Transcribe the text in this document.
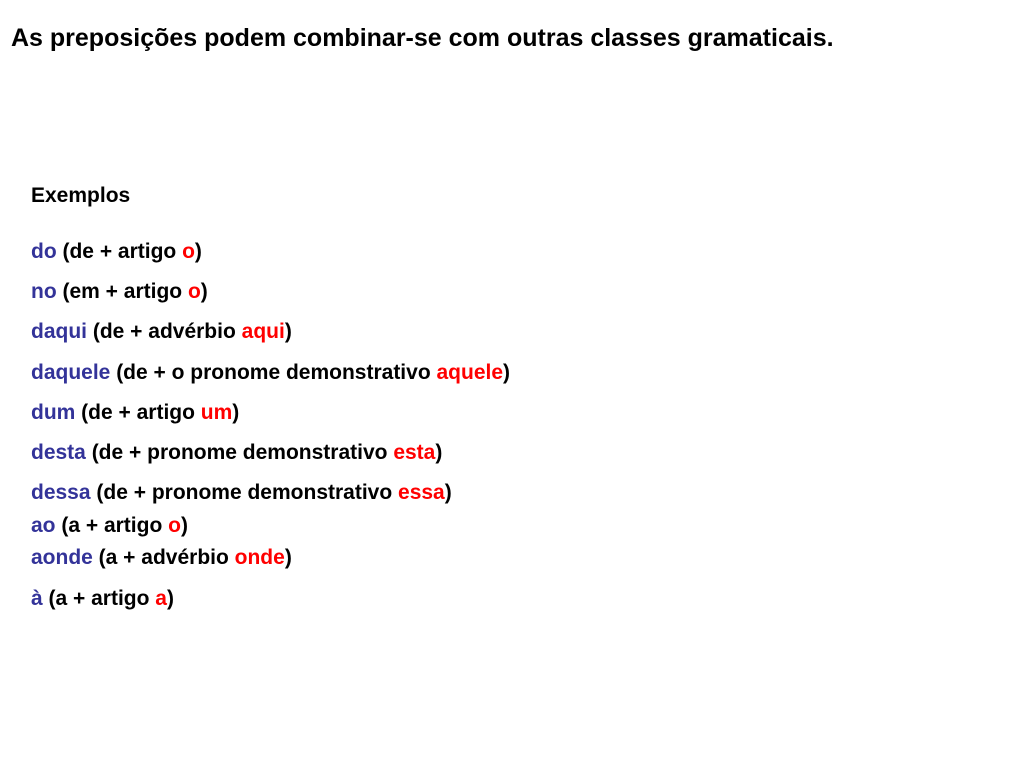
As preposições podem combinar-se com outras classes gramaticais.
Exemplos
do (de + artigo o)
no (em + artigo o)
daqui (de + advérbio aqui)
daquele (de + o pronome demonstrativo aquele)
dum (de + artigo um)
desta (de + pronome demonstrativo esta)
dessa (de + pronome demonstrativo essa)
ao (a + artigo o)
aonde (a + advérbio onde)
à (a + artigo a)
